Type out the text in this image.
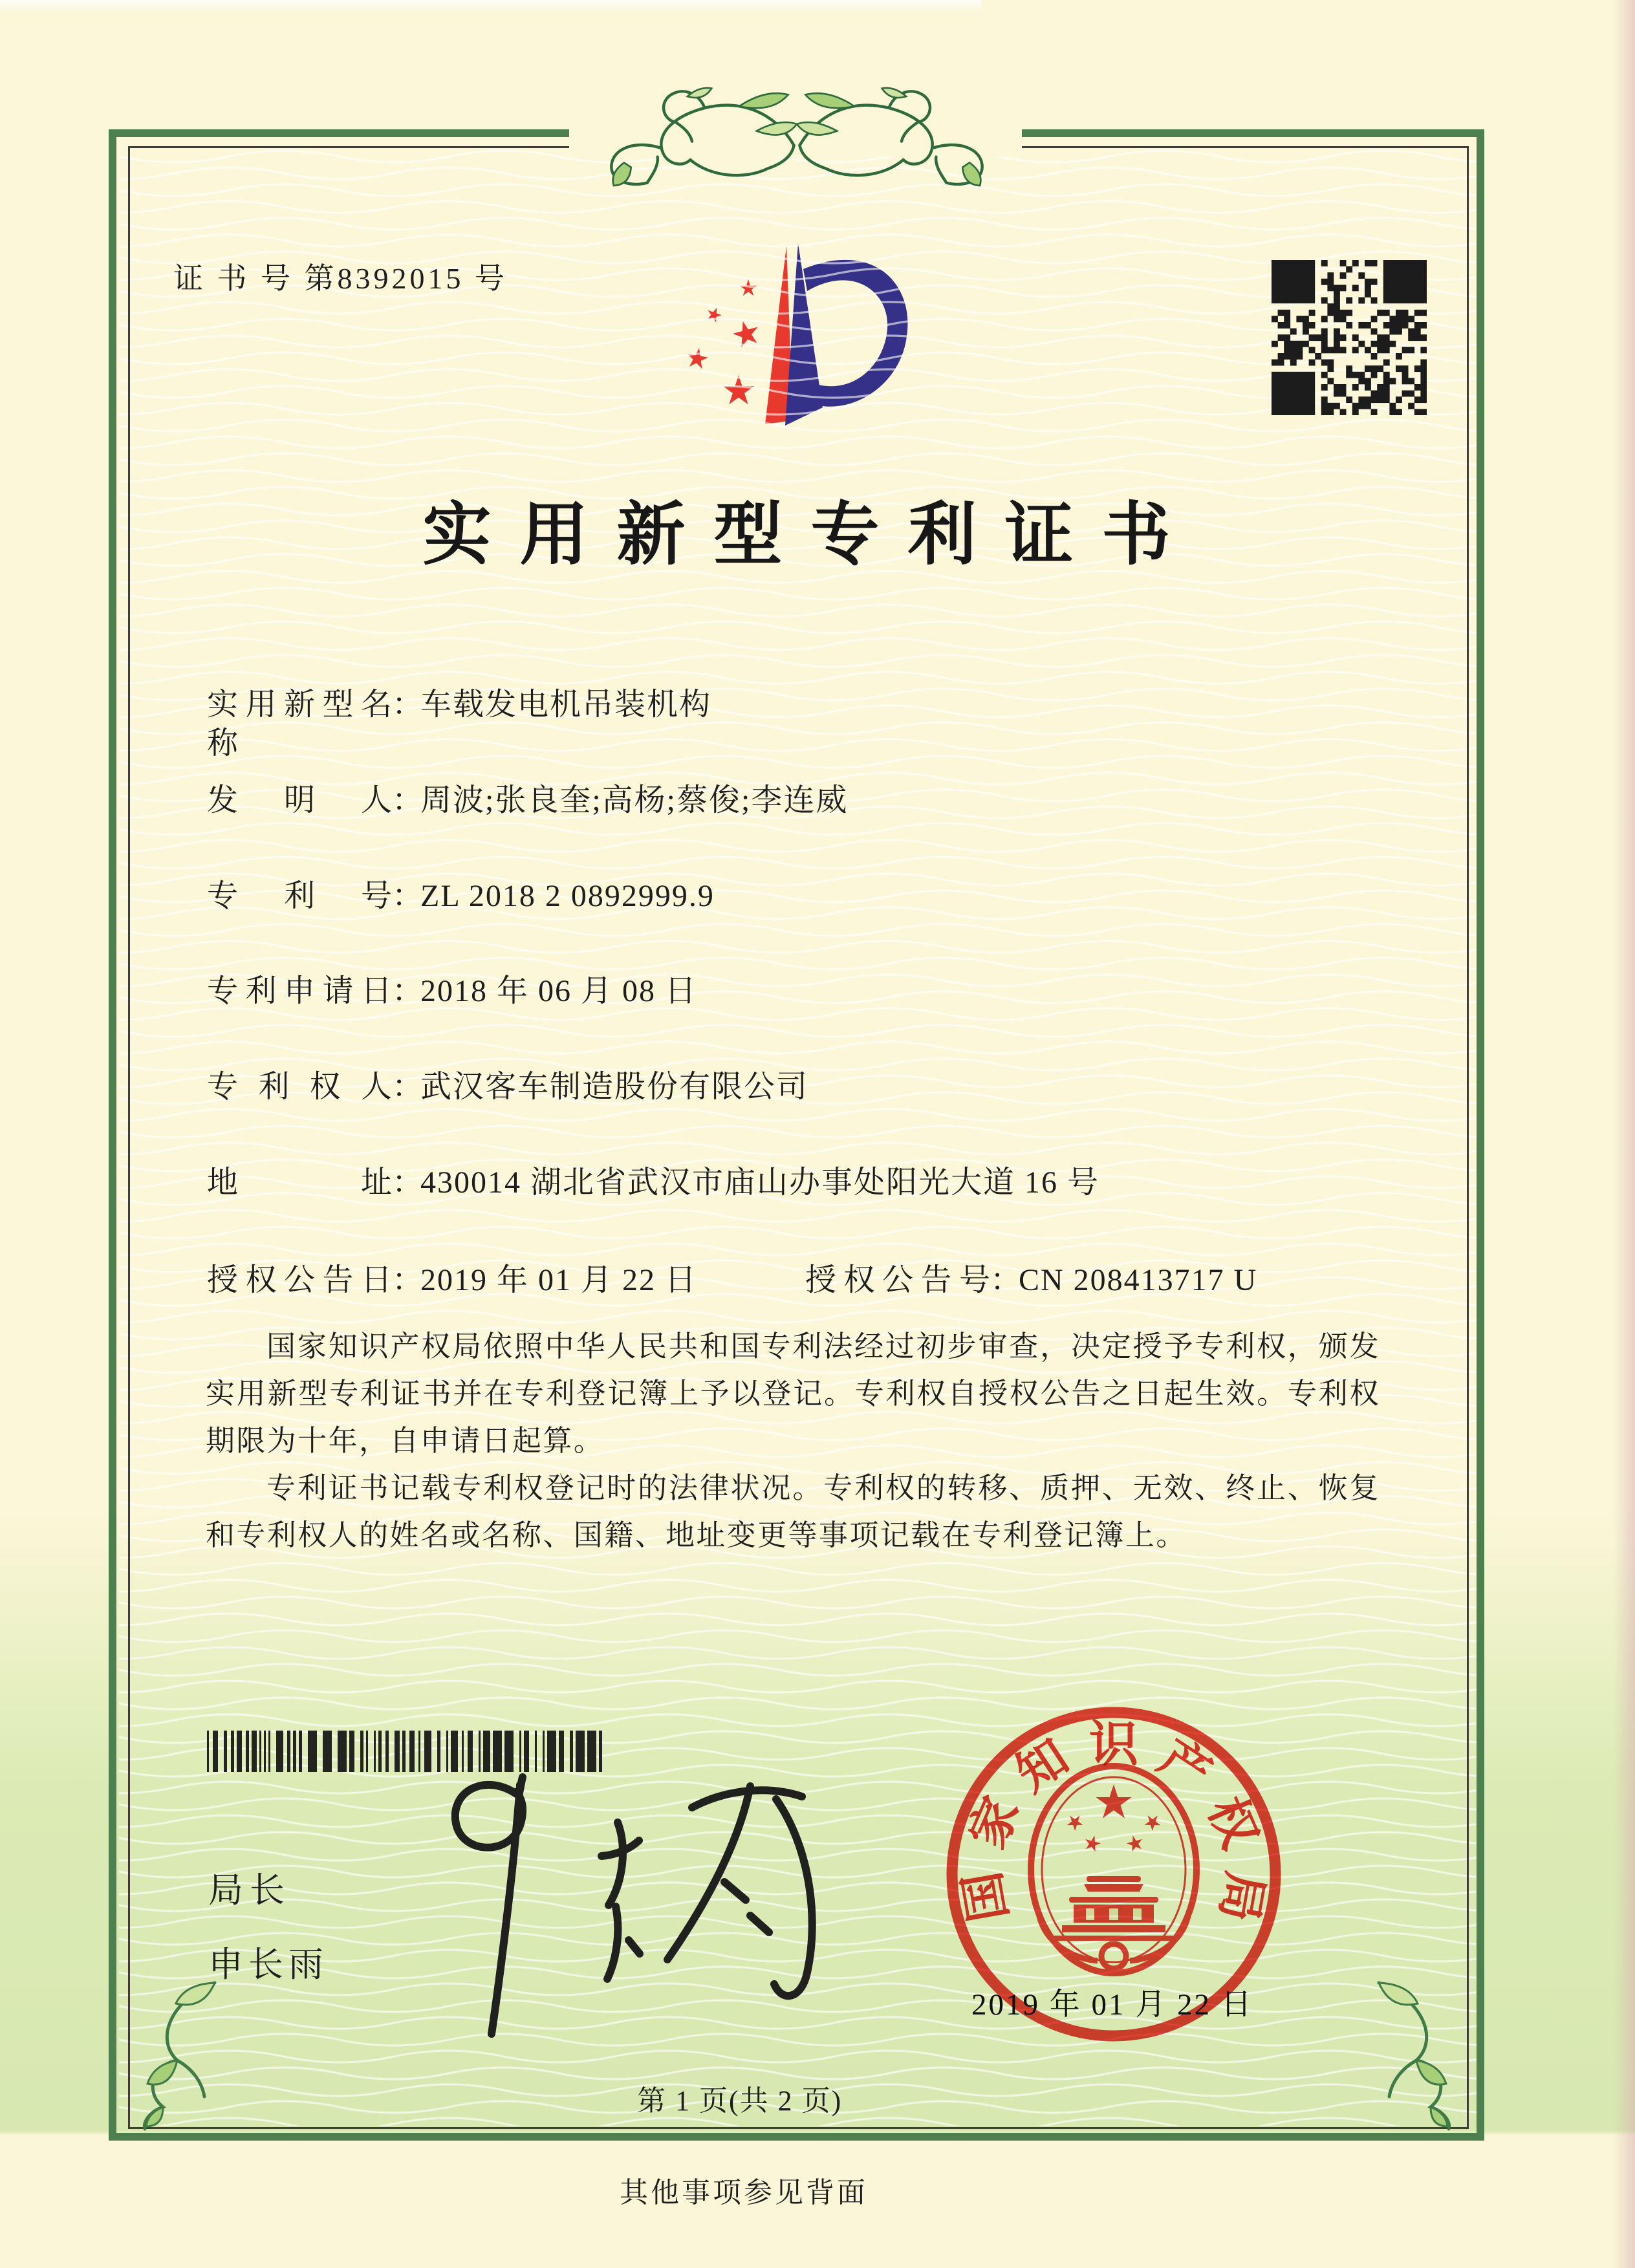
证 书 号 第8392015 号
实用新型专利证书
实用新型名称
：
车载发电机吊装机构
发明人 ：
周波;张良奎;高杨;蔡俊;李连威
专利号 ：
ZL 2018 2 0892999.9
专利申请日 ：
2018 年 06 月 08 日
专利权人 ：
武汉客车制造股份有限公司
地址 ：
430014 湖北省武汉市庙山办事处阳光大道 16 号
授权公告日 ：
2019 年 01 月 22 日	授权公告号 ：
CN 208413717 U

国家知识产权局依照中华人民共和国专利法经过初步审查，决定授予专利权，颁发实用新型专利证书并在专利登记簿上予以登记。专利权自授权公告之日起生效。专利权期限为十年，自申请日起算。

专利证书记载专利权登记时的法律状况。专利权的转移、质押、无效、终止、恢复和专利权人的姓名或名称、国籍、地址变更等事项记载在专利登记簿上。

局长
申长雨
国
家
知 识 产
权
局
2019 年 01 月 22 日
第 1 页(共 2 页)
其他事项参见背面
